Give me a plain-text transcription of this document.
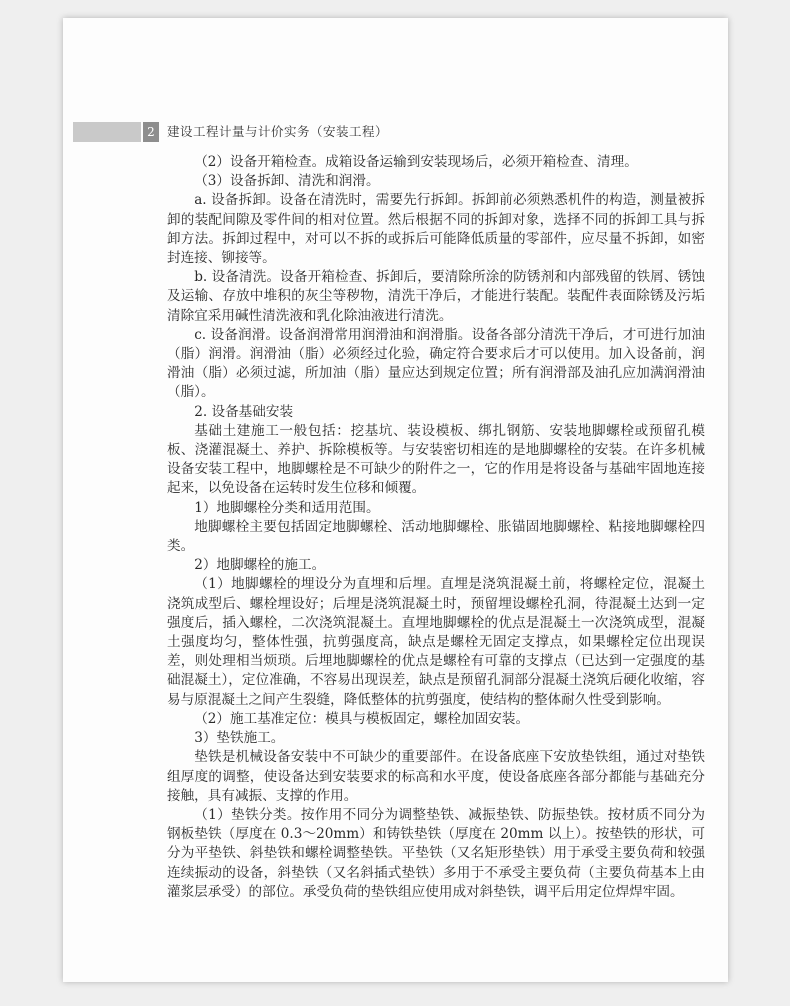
2 建设工程计量与计价实务（安装工程）

（2）设备开箱检查。成箱设备运输到安装现场后，必须开箱检查、清理。

（3）设备拆卸、清洗和润滑。

a. 设备拆卸。设备在清洗时，需要先行拆卸。拆卸前必须熟悉机件的构造，测量被拆卸的装配间隙及零件间的相对位置。然后根据不同的拆卸对象，选择不同的拆卸工具与拆卸方法。拆卸过程中，对可以不拆的或拆后可能降低质量的零部件，应尽量不拆卸，如密封连接、铆接等。

b. 设备清洗。设备开箱检查、拆卸后，要清除所涂的防锈剂和内部残留的铁屑、锈蚀及运输、存放中堆积的灰尘等秽物，清洗干净后，才能进行装配。装配件表面除锈及污垢清除宜采用碱性清洗液和乳化除油液进行清洗。

c. 设备润滑。设备润滑常用润滑油和润滑脂。设备各部分清洗干净后，才可进行加油（脂）润滑。润滑油（脂）必须经过化验，确定符合要求后才可以使用。加入设备前，润滑油（脂）必须过滤，所加油（脂）量应达到规定位置；所有润滑部及油孔应加满润滑油（脂）。

2. 设备基础安装

基础土建施工一般包括：挖基坑、装设模板、绑扎钢筋、安装地脚螺栓或预留孔模板、浇灌混凝土、养护、拆除模板等。与安装密切相连的是地脚螺栓的安装。在许多机械设备安装工程中，地脚螺栓是不可缺少的附件之一，它的作用是将设备与基础牢固地连接起来，以免设备在运转时发生位移和倾覆。

1）地脚螺栓分类和适用范围。

地脚螺栓主要包括固定地脚螺栓、活动地脚螺栓、胀锚固地脚螺栓、粘接地脚螺栓四类。

2）地脚螺栓的施工。

（1）地脚螺栓的埋设分为直埋和后埋。直埋是浇筑混凝土前，将螺栓定位，混凝土浇筑成型后、螺栓埋设好；后埋是浇筑混凝土时，预留埋设螺栓孔洞，待混凝土达到一定强度后，插入螺栓，二次浇筑混凝土。直埋地脚螺栓的优点是混凝土一次浇筑成型，混凝土强度均匀，整体性强，抗剪强度高，缺点是螺栓无固定支撑点，如果螺栓定位出现误差，则处理相当烦琐。后埋地脚螺栓的优点是螺栓有可靠的支撑点（已达到一定强度的基础混凝土），定位准确，不容易出现误差，缺点是预留孔洞部分混凝土浇筑后硬化收缩，容易与原混凝土之间产生裂缝，降低整体的抗剪强度，使结构的整体耐久性受到影响。

（2）施工基准定位：模具与模板固定，螺栓加固安装。

3）垫铁施工。

垫铁是机械设备安装中不可缺少的重要部件。在设备底座下安放垫铁组，通过对垫铁组厚度的调整，使设备达到安装要求的标高和水平度，使设备底座各部分都能与基础充分接触，具有减振、支撑的作用。

（1）垫铁分类。按作用不同分为调整垫铁、减振垫铁、防振垫铁。按材质不同分为钢板垫铁（厚度在 0.3～20mm）和铸铁垫铁（厚度在 20mm 以上）。按垫铁的形状，可分为平垫铁、斜垫铁和螺栓调整垫铁。平垫铁（又名矩形垫铁）用于承受主要负荷和较强连续振动的设备，斜垫铁（又名斜插式垫铁）多用于不承受主要负荷（主要负荷基本上由灌浆层承受）的部位。承受负荷的垫铁组应使用成对斜垫铁，调平后用定位焊焊牢固。
